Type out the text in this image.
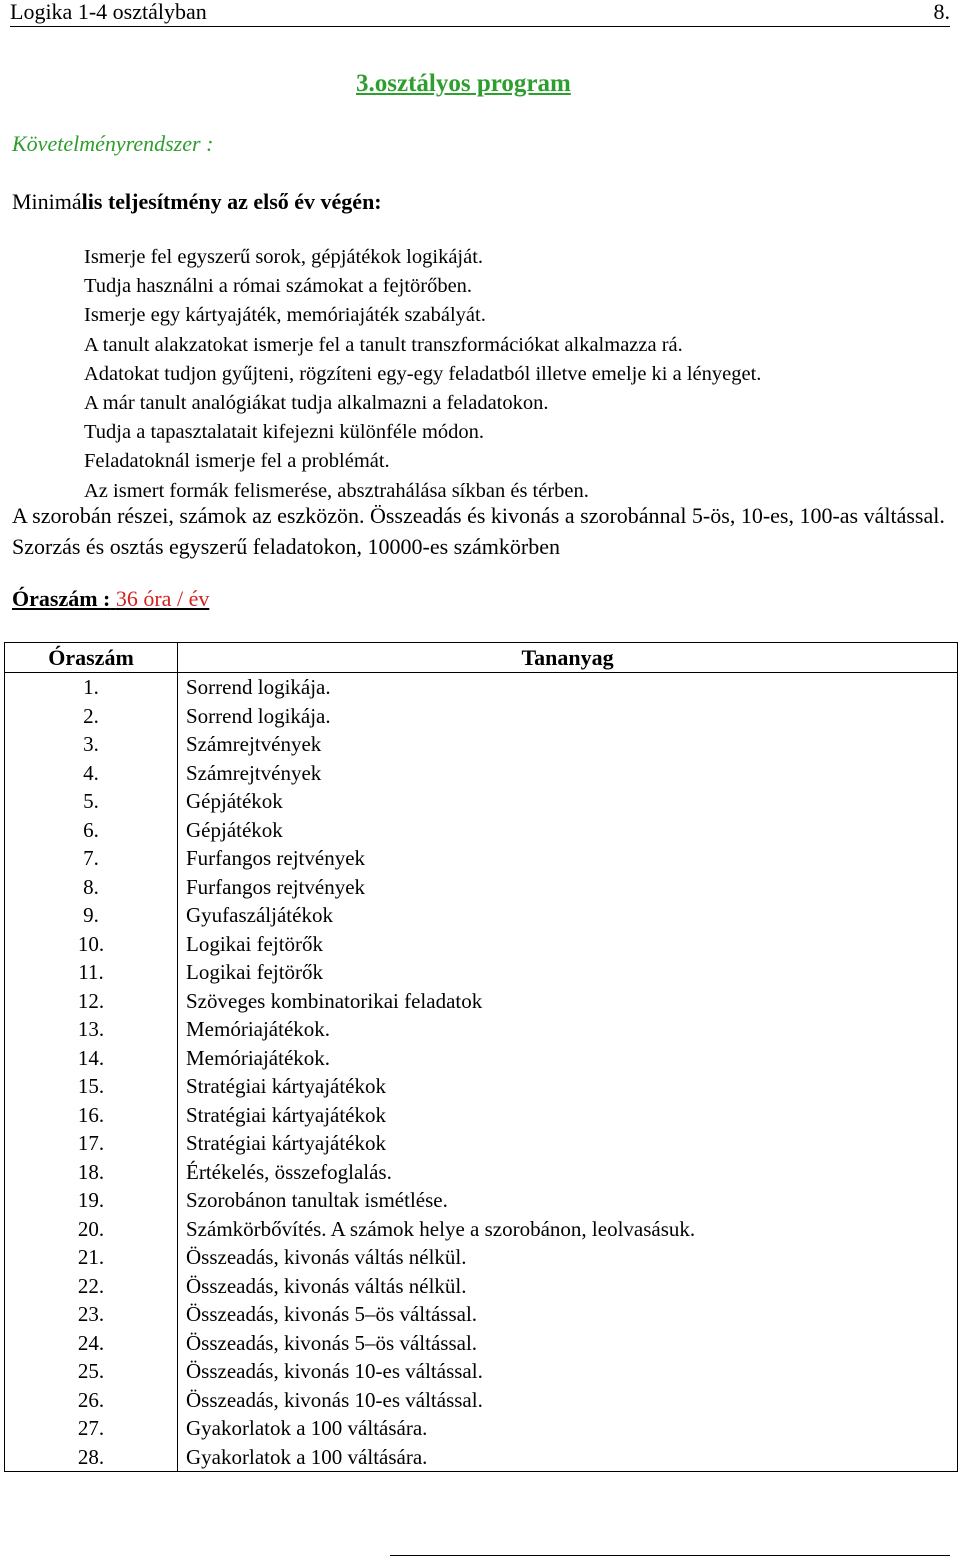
Logika 1-4 osztályban	8.
3.osztályos program
Követelményrendszer :
Minimális teljesítmény az első év végén:
Ismerje fel egyszerű sorok, gépjátékok logikáját.
Tudja használni a római számokat a fejtörőben.
Ismerje egy kártyajáték, memóriajáték szabályát.
A tanult alakzatokat ismerje fel a tanult transzformációkat alkalmazza rá.
Adatokat tudjon gyűjteni, rögzíteni egy-egy feladatból illetve emelje ki a lényeget.
A már tanult analógiákat tudja alkalmazni a feladatokon.
Tudja a tapasztalatait kifejezni különféle módon.
Feladatoknál ismerje fel a problémát.
Az ismert formák felismerése, absztrahálása síkban és térben.
A szorobán részei, számok az eszközön. Összeadás és kivonás a szorobánnal 5-ös, 10-es, 100-as váltással. Szorzás és osztás egyszerű feladatokon, 10000-es számkörben
Óraszám : 36 óra / év
Óraszám	Tananyag
1.	Sorrend logikája.
2.	Sorrend logikája.
3.	Számrejtvények
4.	Számrejtvények
5.	Gépjátékok
6.	Gépjátékok
7.	Furfangos rejtvények
8.	Furfangos rejtvények
9.	Gyufaszáljátékok
10.	Logikai fejtörők
11.	Logikai fejtörők
12.	Szöveges kombinatorikai feladatok
13.	Memóriajátékok.
14.	Memóriajátékok.
15.	Stratégiai kártyajátékok
16.	Stratégiai kártyajátékok
17.	Stratégiai kártyajátékok
18.	Értékelés, összefoglalás.
19.	Szorobánon tanultak ismétlése.
20.	Számkörbővítés. A számok helye a szorobánon, leolvasásuk.
21.	Összeadás, kivonás váltás nélkül.
22.	Összeadás, kivonás váltás nélkül.
23.	Összeadás, kivonás 5–ös váltással.
24.	Összeadás, kivonás 5–ös váltással.
25.	Összeadás, kivonás 10-es váltással.
26.	Összeadás, kivonás 10-es váltással.
27.	Gyakorlatok a 100 váltására.
28.	Gyakorlatok a 100 váltására.
